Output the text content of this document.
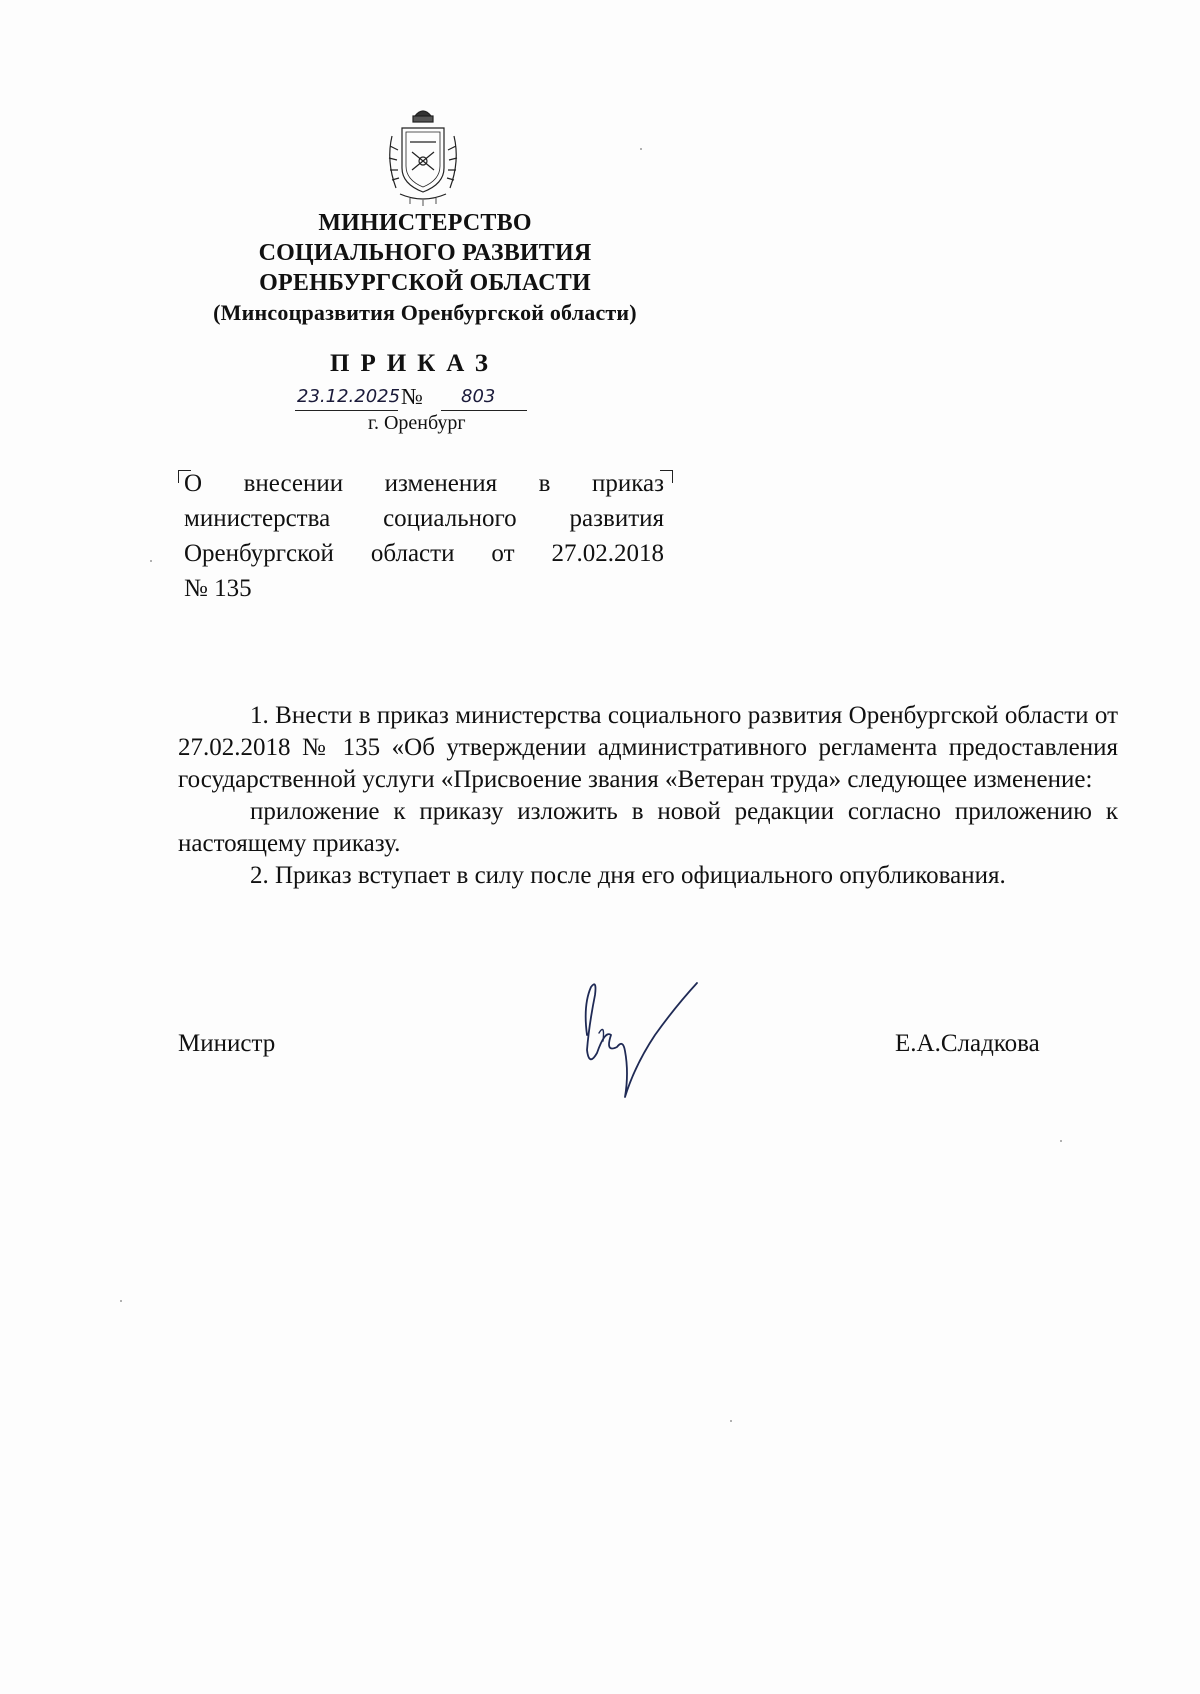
МИНИСТЕРСТВО
СОЦИАЛЬНОГО РАЗВИТИЯ
ОРЕНБУРГСКОЙ ОБЛАСТИ
(Минсоцразвития Оренбургской области)
ПРИКАЗ
23.12.2025 № 803
г. Оренбург
О внесении изменения в приказ
министерства социального развития
Оренбургской области от 27.02.2018
№ 135

1. Внести в приказ министерства социального развития Оренбургской области от 27.02.2018 № 135 «Об утверждении административного регламента предоставления государственной услуги «Присвоение звания «Ветеран труда» следующее изменение:

приложение к приказу изложить в новой редакции согласно приложению к настоящему приказу.

2. Приказ вступает в силу после дня его официального опубликования.

Министр	Е.А.Сладкова
